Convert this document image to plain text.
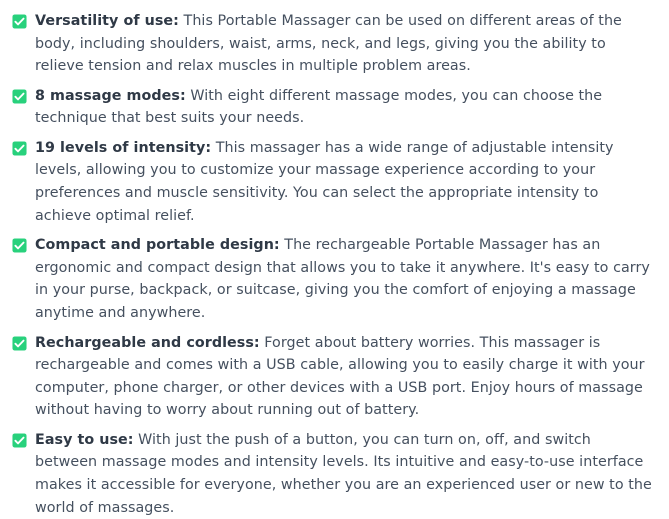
Versatility of use: This Portable Massager can be used on different areas of the body, including shoulders, waist, arms, neck, and legs, giving you the ability to relieve tension and relax muscles in multiple problem areas.
8 massage modes: With eight different massage modes, you can choose the technique that best suits your needs.
19 levels of intensity: This massager has a wide range of adjustable intensity levels, allowing you to customize your massage experience according to your preferences and muscle sensitivity. You can select the appropriate intensity to achieve optimal relief.
Compact and portable design: The rechargeable Portable Massager has an ergonomic and compact design that allows you to take it anywhere. It's easy to carry in your purse, backpack, or suitcase, giving you the comfort of enjoying a massage anytime and anywhere.
Rechargeable and cordless: Forget about battery worries. This massager is rechargeable and comes with a USB cable, allowing you to easily charge it with your computer, phone charger, or other devices with a USB port. Enjoy hours of massage without having to worry about running out of battery.
Easy to use: With just the push of a button, you can turn on, off, and switch between massage modes and intensity levels. Its intuitive and easy-to-use interface makes it accessible for everyone, whether you are an experienced user or new to the world of massages.
